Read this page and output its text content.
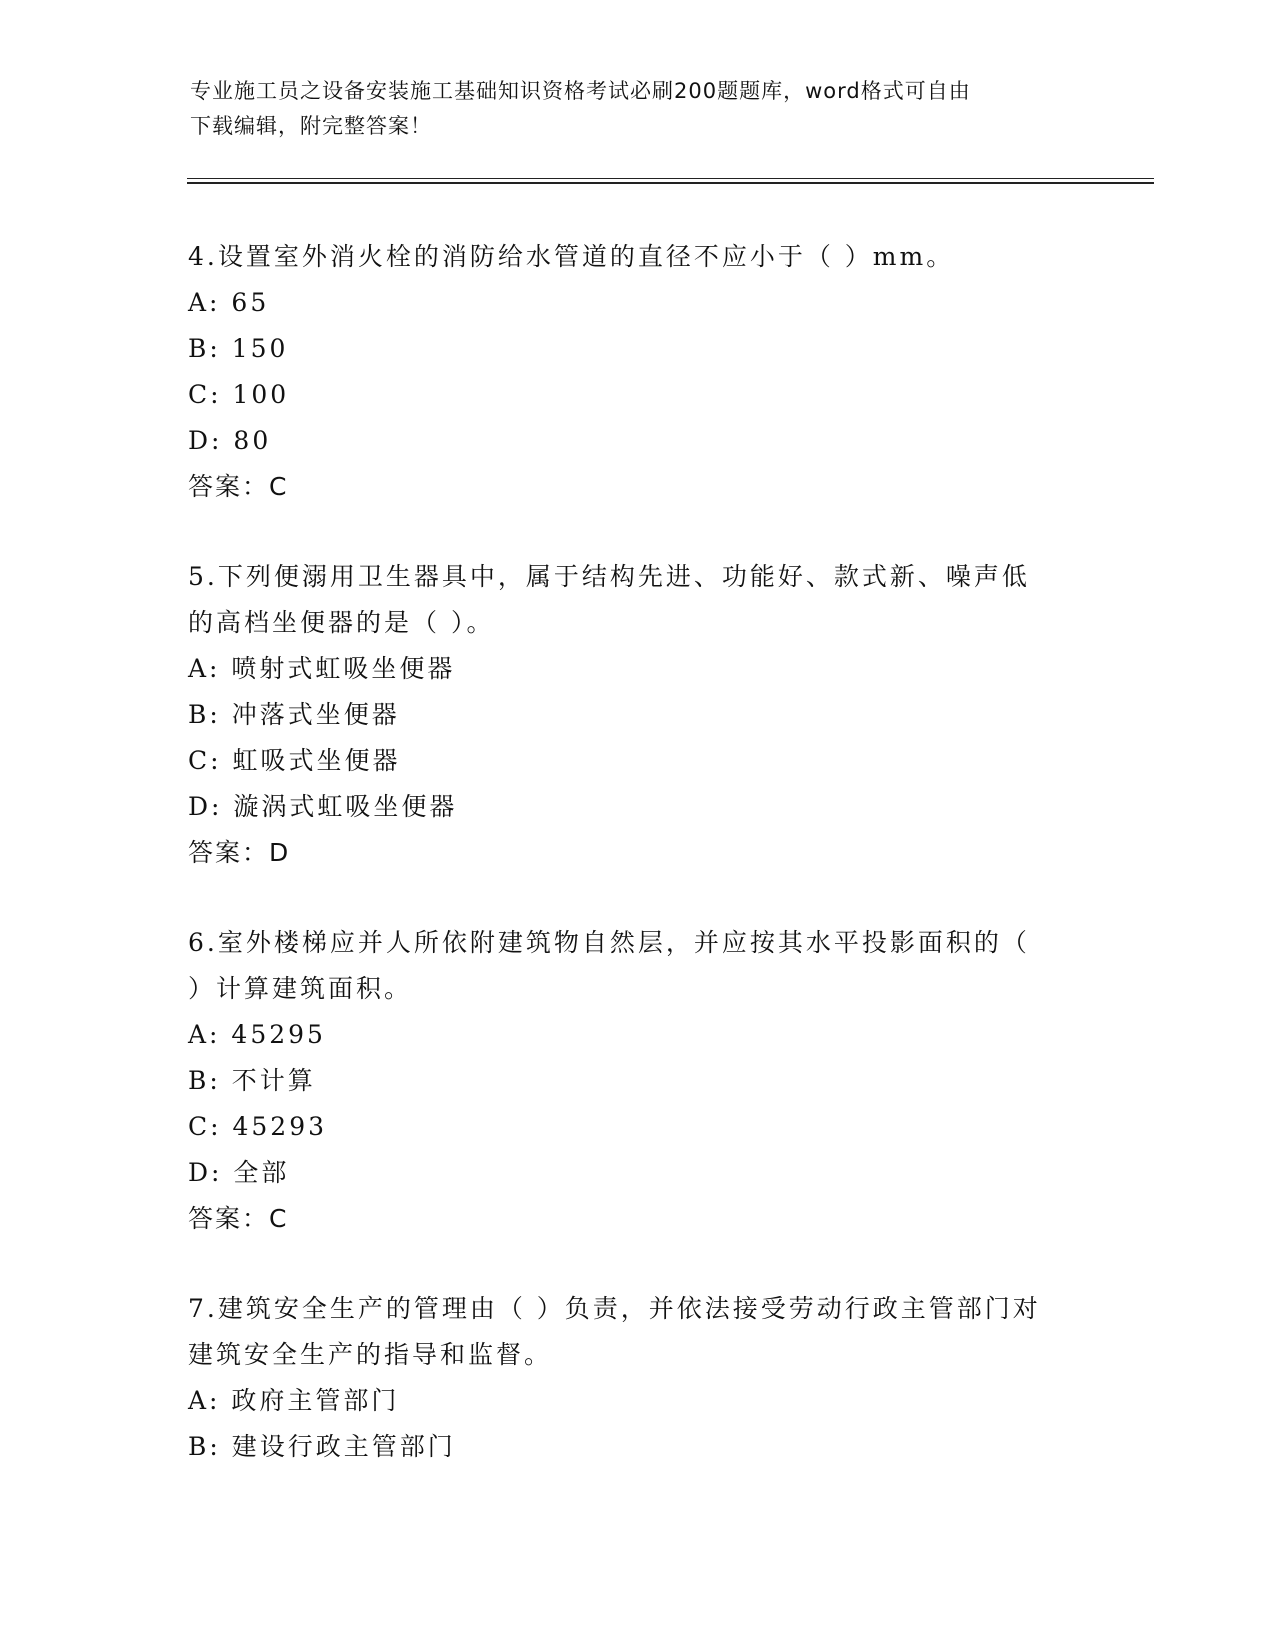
专业施工员之设备安装施工基础知识资格考试必刷200题题库，word格式可自由
下载编辑，附完整答案！
4.设置室外消火栓的消防给水管道的直径不应小于（ ）mm。
A: 65
B: 150
C: 100
D: 80
答案：C
5.下列便溺用卫生器具中，属于结构先进、功能好、款式新、噪声低
的高档坐便器的是（ ）。
A: 喷射式虹吸坐便器
B: 冲落式坐便器
C: 虹吸式坐便器
D: 漩涡式虹吸坐便器
答案：D
6.室外楼梯应并人所依附建筑物自然层，并应按其水平投影面积的（
）计算建筑面积。
A: 45295
B: 不计算
C: 45293
D: 全部
答案：C
7.建筑安全生产的管理由（ ）负责，并依法接受劳动行政主管部门对
建筑安全生产的指导和监督。
A: 政府主管部门
B: 建设行政主管部门
